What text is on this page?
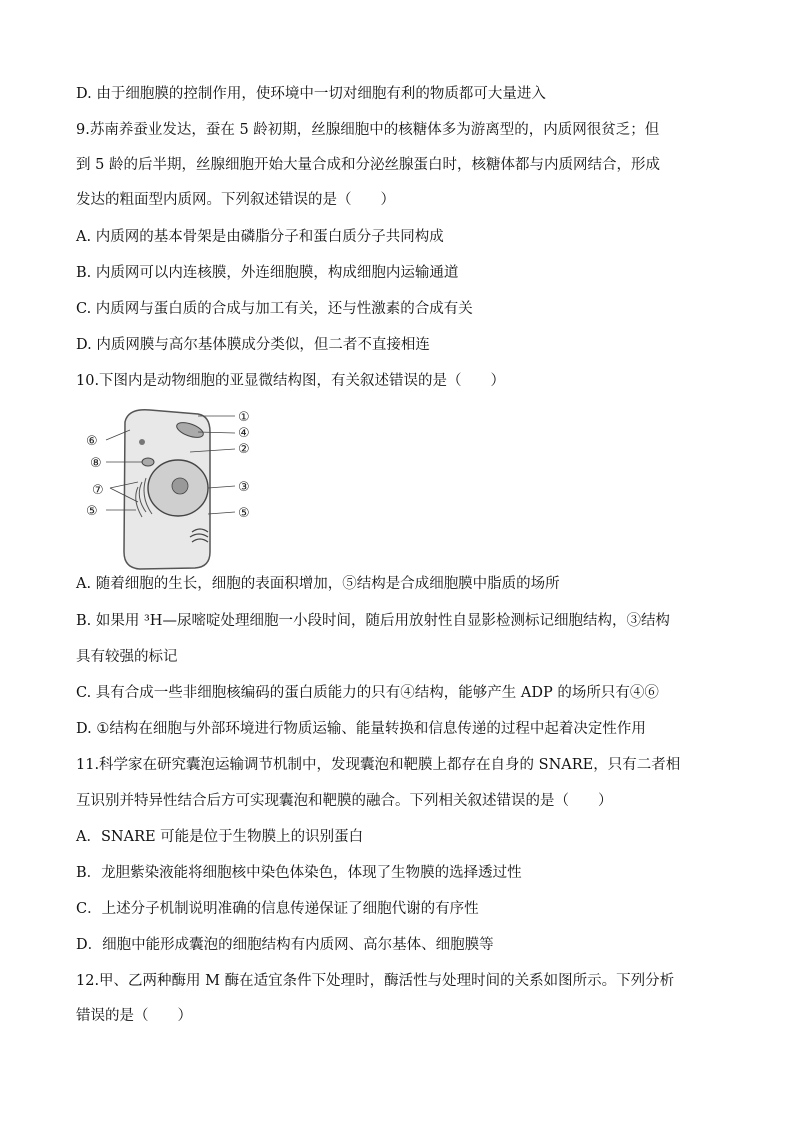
D. 由于细胞膜的控制作用，使环境中一切对细胞有利的物质都可大量进入
9.苏南养蚕业发达，蚕在 5 龄初期，丝腺细胞中的核糖体多为游离型的，内质网很贫乏；但
到 5 龄的后半期，丝腺细胞开始大量合成和分泌丝腺蛋白时，核糖体都与内质网结合，形成
发达的粗面型内质网。下列叙述错误的是（　　）
A. 内质网的基本骨架是由磷脂分子和蛋白质分子共同构成
B. 内质网可以内连核膜，外连细胞膜，构成细胞内运输通道
C. 内质网与蛋白质的合成与加工有关，还与性激素的合成有关
D. 内质网膜与高尔基体膜成分类似，但二者不直接相连
10.下图内是动物细胞的亚显微结构图，有关叙述错误的是（　　）
A. 随着细胞的生长，细胞的表面积增加，⑤结构是合成细胞膜中脂质的场所
B. 如果用 ³H—尿嘧啶处理细胞一小段时间，随后用放射性自显影检测标记细胞结构，③结构
具有较强的标记
C. 具有合成一些非细胞核编码的蛋白质能力的只有④结构，能够产生 ADP 的场所只有④⑥
D. ①结构在细胞与外部环境进行物质运输、能量转换和信息传递的过程中起着决定性作用
11.科学家在研究囊泡运输调节机制中，发现囊泡和靶膜上都存在自身的 SNARE，只有二者相
互识别并特异性结合后方可实现囊泡和靶膜的融合。下列相关叙述错误的是（　　）
A．SNARE 可能是位于生物膜上的识别蛋白
B．龙胆紫染液能将细胞核中染色体染色，体现了生物膜的选择透过性
C．上述分子机制说明准确的信息传递保证了细胞代谢的有序性
D．细胞中能形成囊泡的细胞结构有内质网、高尔基体、细胞膜等
12.甲、乙两种酶用 M 酶在适宜条件下处理时，酶活性与处理时间的关系如图所示。下列分析
错误的是（　　）
①
④
②
⑥
⑧
⑦	③
⑤	⑤
